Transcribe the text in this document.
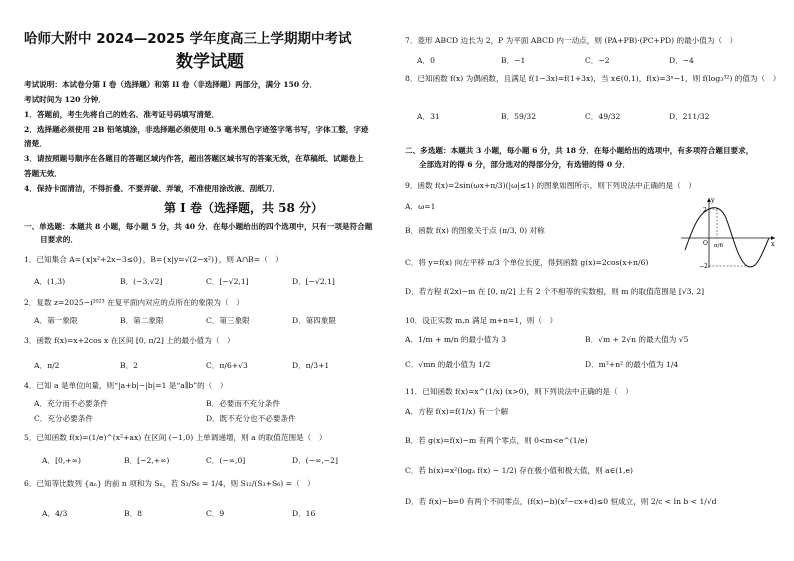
哈师大附中 2024—2025 学年度高三上学期期中考试
数学试题
考试说明：本试卷分第 I 卷（选择题）和第 II 卷（非选择题）两部分，满分 150 分．
考试时间为 120 分钟．
1．答题前，考生先将自己的姓名、准考证号码填写清楚．
2．选择题必须使用 2B 铅笔填涂，非选择题必须使用 0.5 毫米黑色字迹签字笔书写，字体工整，字迹
清楚．
3．请按照题号顺序在各题目的答题区域内作答，超出答题区域书写的答案无效，在草稿纸、试题卷上
答题无效．
4．保持卡面清洁，不得折叠、不要弄破、弄皱，不准使用涂改液、刮纸刀．
第 I 卷（选择题，共 58 分）
一、单选题：本题共 8 小题，每小题 5 分，共 40 分．在每小题给出的四个选项中，只有一项是符合题
目要求的．
1．已知集合 A={x|x²+2x−3≤0}，B={x|y=√(2−x²)}，则 A∩B=（　）
A．(1,3)	B．(−3,√2]	C．[−√2,1]	D．[−√2,1]
2．复数 z=2025−i²⁰²³ 在复平面内对应的点所在的象限为（　）
A．第一象限	B．第二象限	C．第三象限	D．第四象限
3．函数 f(x)=x+2cos x 在区间 [0, π/2] 上的最小值为（　）
A．π/2	B．2	C．π/6+√3	D．π/3+1
4．已知 a 是单位向量，则“|a+b|−|b|=1 是“a∥b”的（　）
A．充分而不必要条件	B．必要而不充分条件
C．充分必要条件	D．既不充分也不必要条件
5．已知函数 f(x)=(1/e)^(x²+ax) 在区间 (−1,0) 上单调递增，则 a 的取值范围是（　）
A．[0,+∞)	B．[−2,+∞)	C．(−∞,0]	D．(−∞,−2]
6．已知等比数列 {aₙ} 的前 n 项和为 Sₙ，若 S₃/S₆ = 1/4，则 S₁₂/(S₃+S₆) =（　）
A．4/3	B．8	C．9	D．16
7．菱形 ABCD 边长为 2，P 为平面 ABCD 内一动点，则 (PA+PB)·(PC+PD) 的最小值为（　）
A．0	B．−1	C．−2	D．−4
8．已知函数 f(x) 为偶函数，且满足 f(1−3x)=f(1+3x)，当 x∈(0,1)，f(x)=3ˣ−1，则 f(log₃³²) 的值为（　）
A．31	B．59/32	C．49/32	D．211/32
二、多选题：本题共 3 小题，每小题 6 分，共 18 分．在每小题给出的选项中，有多项符合题目要求，
全部选对的得 6 分，部分选对的得部分分，有选错的得 0 分．
9．函数 f(x)=2sin(ωx+π/3)(|ω|≤1) 的图象如图所示，则下列说法中正确的是（　）
A．ω=1
B．函数 f(x) 的图象关于点 (π/3, 0) 对称
C．将 y=f(x) 向左平移 π/3 个单位长度，得到函数 g(x)=2cos(x+π/6)
D．若方程 f(2x)−m 在 [0, π/2] 上有 2 个不相等的实数根，则 m 的取值范围是 [√3, 2]
y
x
2
−2
O π/6
10．设正实数 m,n 满足 m+n=1，则（　）
A．1/m + m/n 的最小值为 3	B．√m + 2√n 的最大值为 √5
C．√mn 的最小值为 1/2	D．m²+n² 的最小值为 1/4
11．已知函数 f(x)=x^(1/x) (x>0)，则下列说法中正确的是（　）
A．方程 f(x)=f(1/x) 有一个解
B．若 g(x)=f(x)−m 有两个零点，则 0<m<e^(1/e)
C．若 h(x)=x²(logₐ f(x) − 1/2) 存在极小值和极大值，则 a∈(1,e)
D．若 f(x)−b=0 有两个不同零点，(f(x)−b)(x²−cx+d)≤0 恒成立，则 2/c < ln b < 1/√d
